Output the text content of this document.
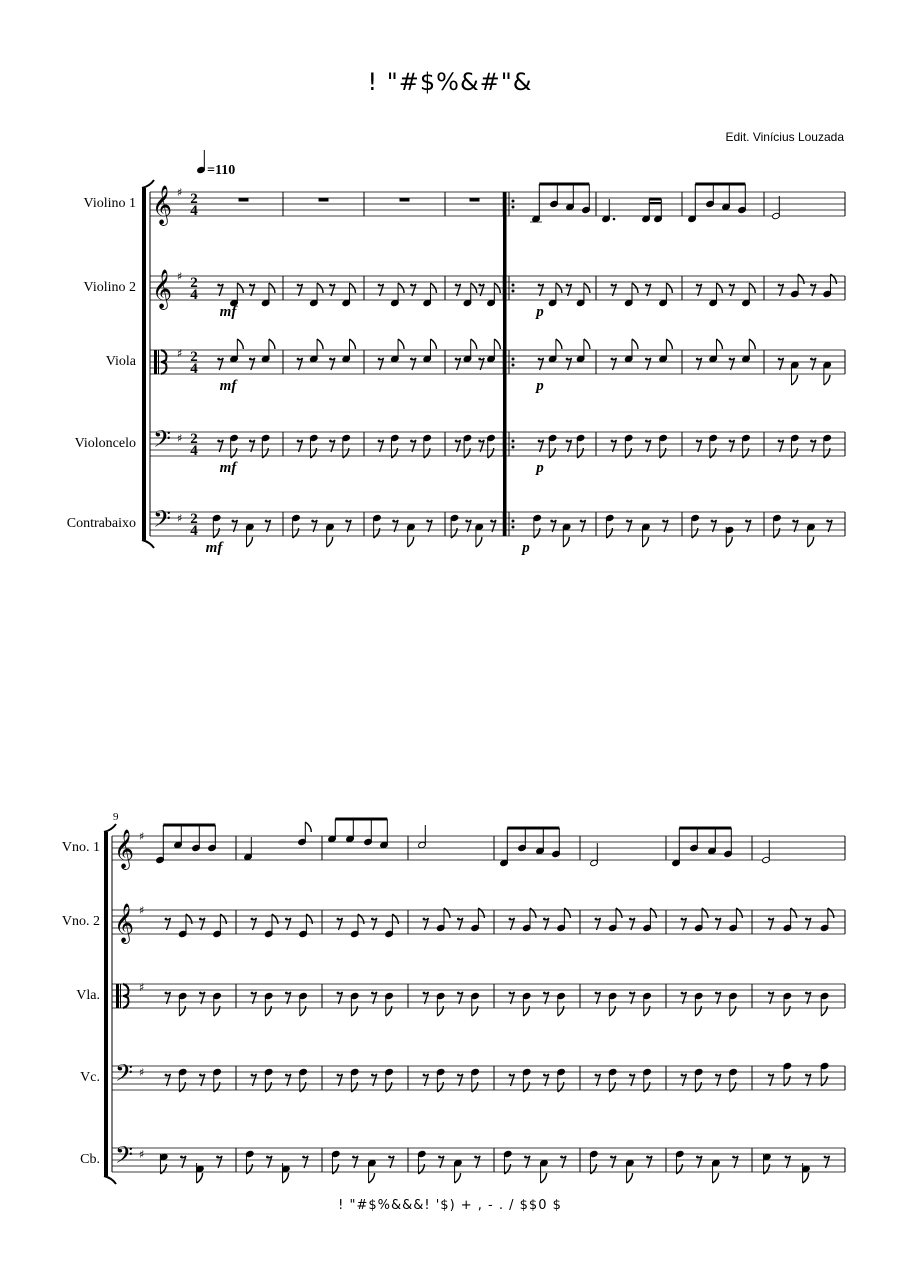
! "#$%&#"&
Edit. Vinícius Louzada
! "#$%&&&! '$) + , - . / $$0 $
Violino 1
Violino 2
Viola
Violoncelo
Contrabaixo
𝄞 ♯ 2
4
𝄞 ♯ 2
4
♯ 2
4
𝄢 ♯ 2
4
𝄢 ♯ 2
4
=110
mf	p
mf	p
mf	p
mf	p
Vno. 1
Vno. 2
Vla.
Vc.
Cb.
𝄞 ♯
𝄞 ♯
♯
𝄢 ♯
𝄢 ♯
9
